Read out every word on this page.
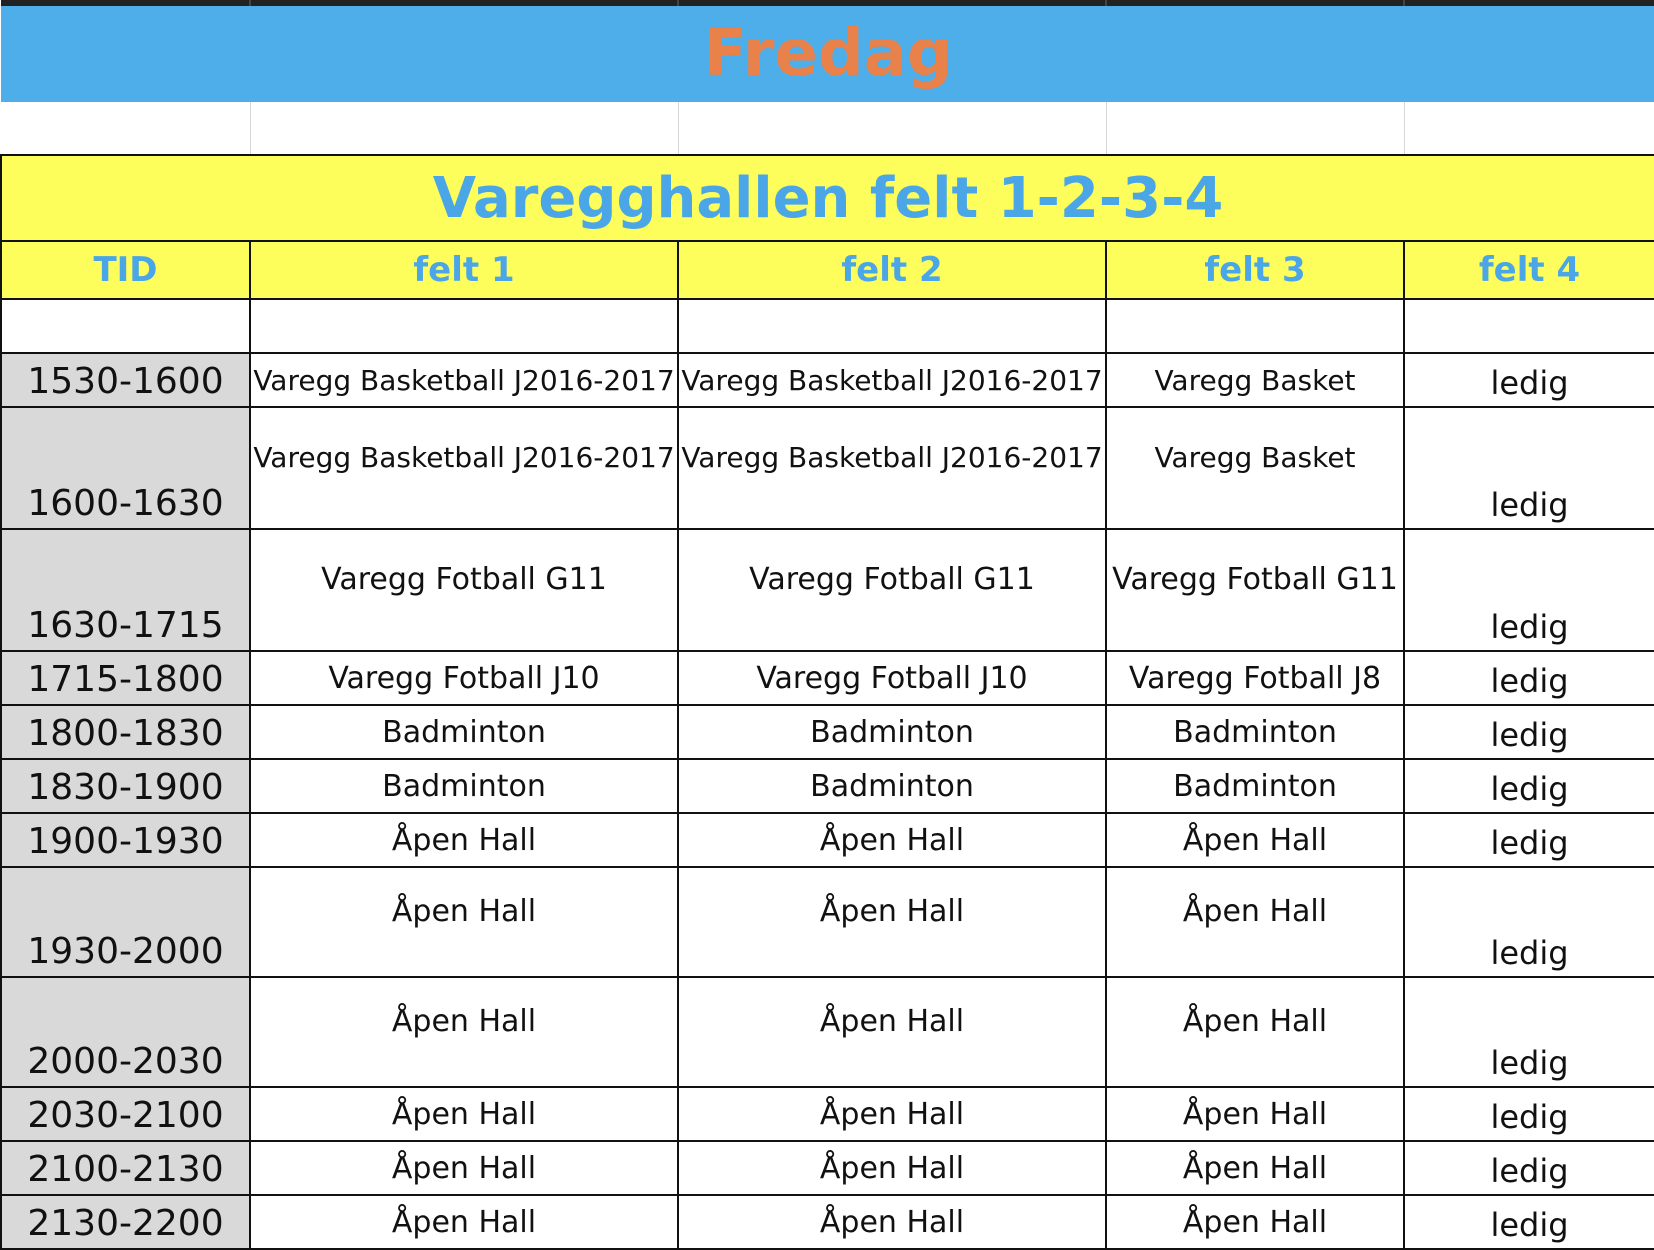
Fredag				

Varegghallen felt 1-2-3-4				
TID	felt 1	felt 2	felt 3	felt 4

1530-1600	Varegg Basketball J2016-2017	Varegg Basketball J2016-2017	Varegg Basket	ledig
1600-1630	Varegg Basketball J2016-2017	Varegg Basketball J2016-2017	Varegg Basket	ledig
1630-1715	Varegg Fotball G11	Varegg Fotball G11	Varegg Fotball G11	ledig
1715-1800	Varegg Fotball J10	Varegg Fotball J10	Varegg Fotball J8	ledig
1800-1830	Badminton	Badminton	Badminton	ledig
1830-1900	Badminton	Badminton	Badminton	ledig
1900-1930	Åpen Hall	Åpen Hall	Åpen Hall	ledig
1930-2000	Åpen Hall	Åpen Hall	Åpen Hall	ledig
2000-2030	Åpen Hall	Åpen Hall	Åpen Hall	ledig
2030-2100	Åpen Hall	Åpen Hall	Åpen Hall	ledig
2100-2130	Åpen Hall	Åpen Hall	Åpen Hall	ledig
2130-2200	Åpen Hall	Åpen Hall	Åpen Hall	ledig
